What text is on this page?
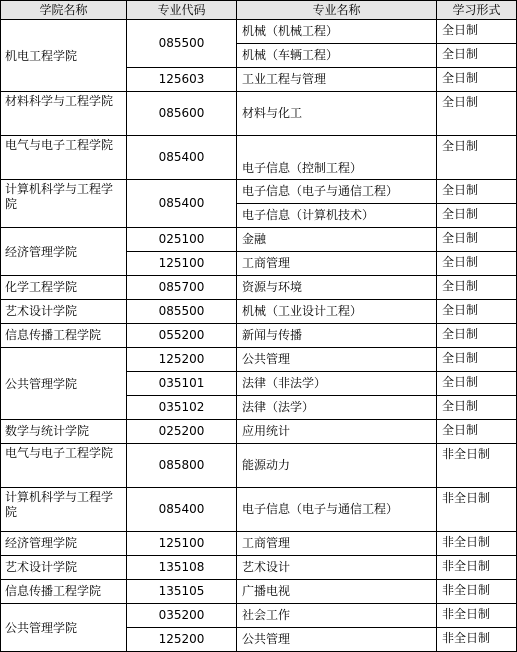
学院名称	专业代码	专业名称	学习形式
机电工程学院	085500	机械（机械工程）	全日制
		机械（车辆工程）	全日制
	125603	工业工程与管理	全日制
材料科学与工程学院	085600	材料与化工	全日制
电气与电子工程学院	085400	电子信息（控制工程）	全日制
计算机科学与工程学院	085400	电子信息（电子与通信工程）	全日制
		电子信息（计算机技术）	全日制
经济管理学院	025100	金融	全日制
	125100	工商管理	全日制
化学工程学院	085700	资源与环境	全日制
艺术设计学院	085500	机械（工业设计工程）	全日制
信息传播工程学院	055200	新闻与传播	全日制
公共管理学院	125200	公共管理	全日制
	035101	法律（非法学）	全日制
	035102	法律（法学）	全日制
数学与统计学院	025200	应用统计	全日制
电气与电子工程学院	085800	能源动力	非全日制
计算机科学与工程学院	085400	电子信息（电子与通信工程）	非全日制
经济管理学院	125100	工商管理	非全日制
艺术设计学院	135108	艺术设计	非全日制
信息传播工程学院	135105	广播电视	非全日制
公共管理学院	035200	社会工作	非全日制
	125200	公共管理	非全日制
